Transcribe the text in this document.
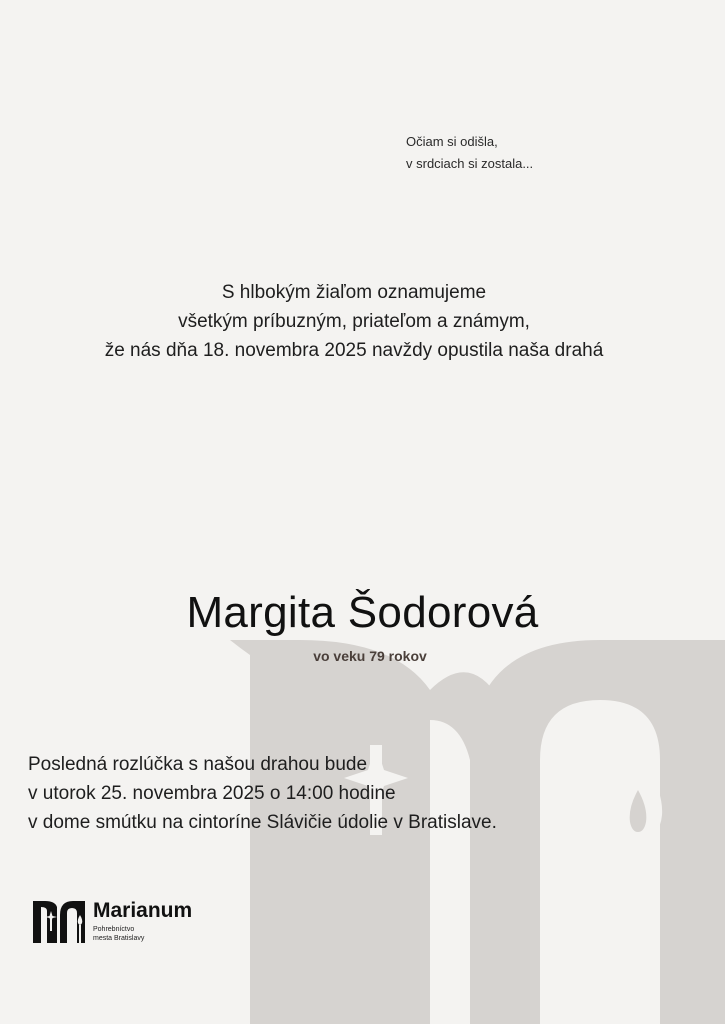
Očiam si odišla,
v srdciach si zostala...
S hlbokým žiaľom oznamujeme
všetkým príbuzným, priateľom a známym,
že nás dňa 18. novembra 2025 navždy opustila naša drahá
Margita Šodorová
vo veku 79 rokov
Posledná rozlúčka s našou drahou bude
v utorok 25. novembra 2025 o 14:00 hodine
v dome smútku na cintoríne Slávičie údolie v Bratislave.
Marianum
Pohrebníctvo
mesta Bratislavy
